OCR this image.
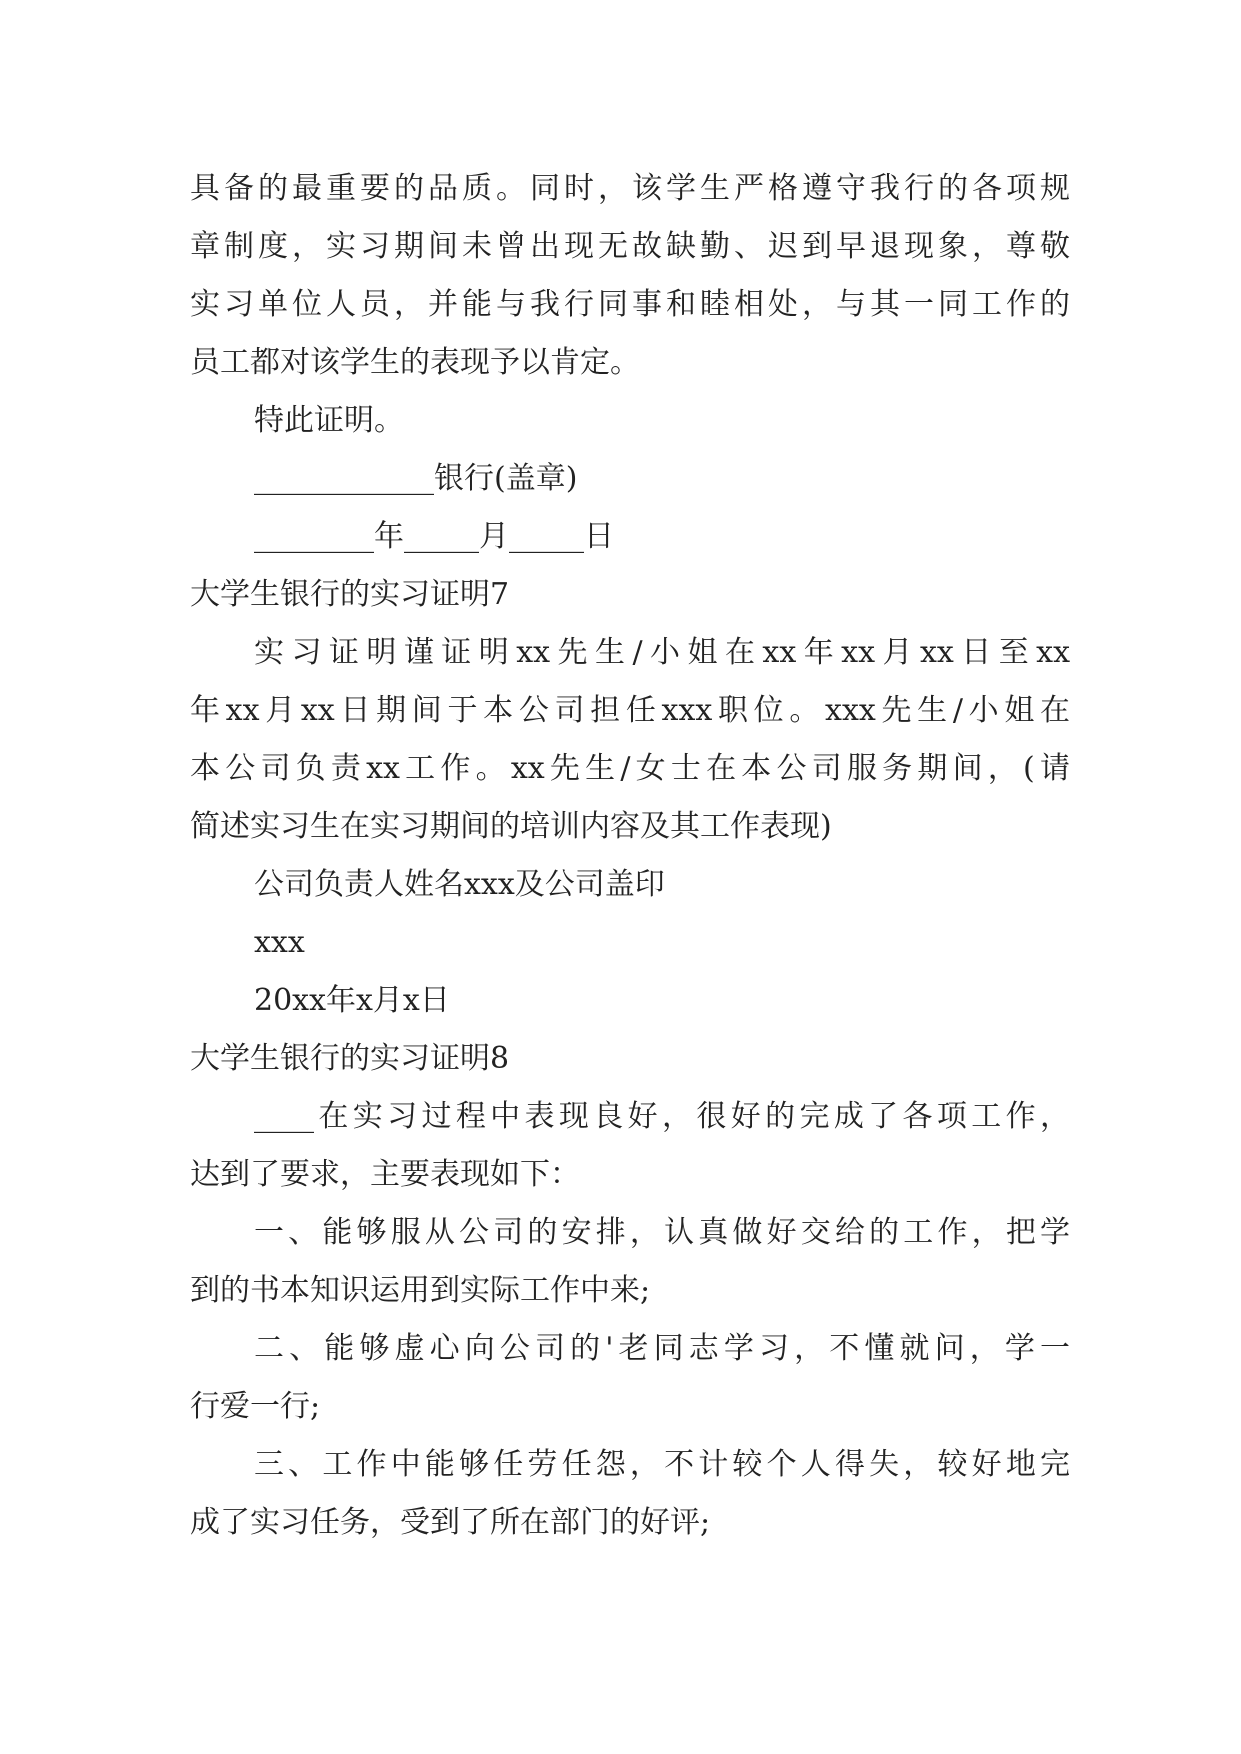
具备的最重要的品质。同时，该学生严格遵守我行的各项规
章制度，实习期间未曾出现无故缺勤、迟到早退现象，尊敬
实习单位人员，并能与我行同事和睦相处，与其一同工作的
员工都对该学生的表现予以肯定。
特此证明。
____________银行(盖章)
________年_____月_____日
大学生银行的实习证明7
实习证明谨证明xx先生/小姐在xx年xx月xx日至xx
年xx月xx日期间于本公司担任xxx职位。xxx先生/小姐在
本公司负责xx工作。xx先生/女士在本公司服务期间，(请
简述实习生在实习期间的培训内容及其工作表现)
公司负责人姓名xxx及公司盖印
xxx
20xx年x月x日
大学生银行的实习证明8
____在实习过程中表现良好，很好的完成了各项工作，
达到了要求，主要表现如下：
一、能够服从公司的安排，认真做好交给的工作，把学
到的书本知识运用到实际工作中来;
二、能够虚心向公司的'老同志学习，不懂就问，学一
行爱一行;
三、工作中能够任劳任怨，不计较个人得失，较好地完
成了实习任务，受到了所在部门的好评;
